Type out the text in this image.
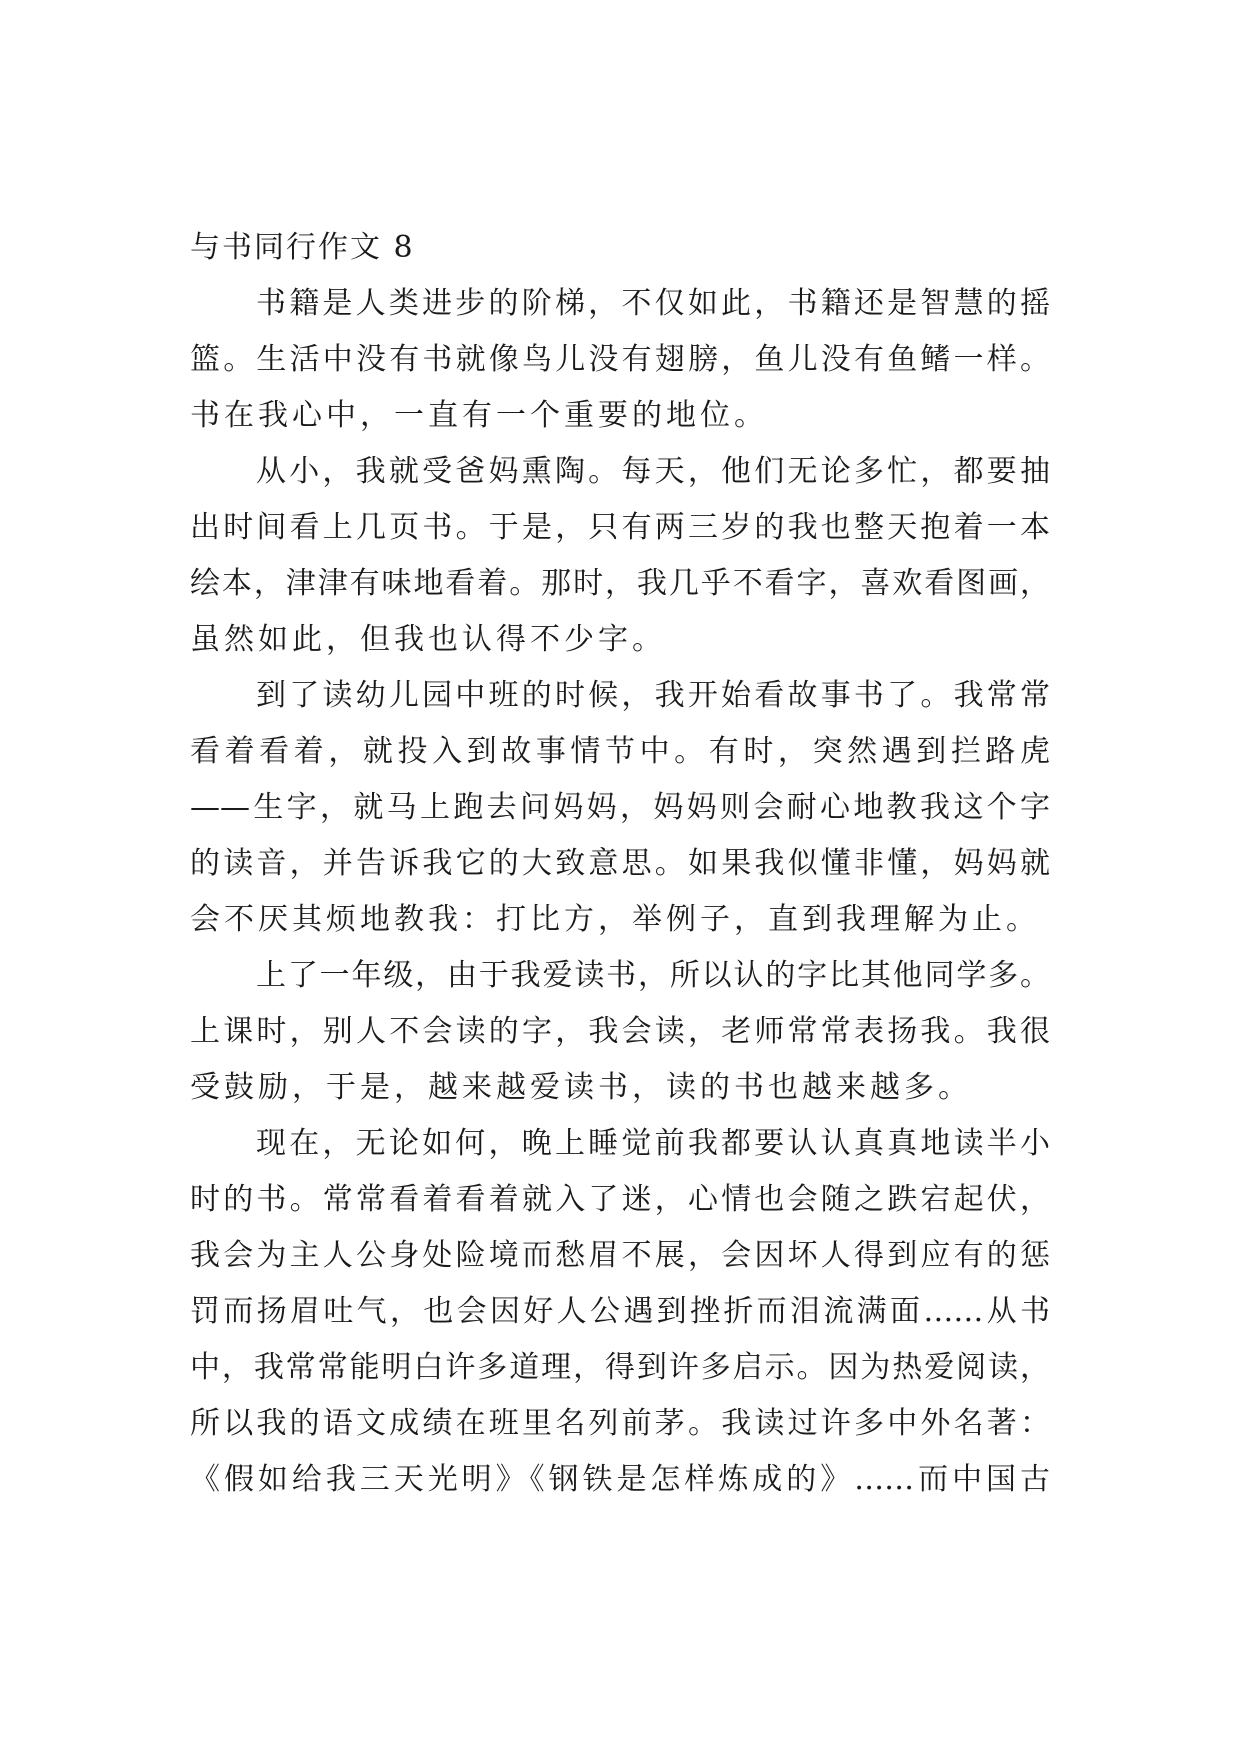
与书同行作文 8
书籍是人类进步的阶梯，不仅如此，书籍还是智慧的摇
篮。生活中没有书就像鸟儿没有翅膀，鱼儿没有鱼鳍一样。
书在我心中，一直有一个重要的地位。
从小，我就受爸妈熏陶。每天，他们无论多忙，都要抽
出时间看上几页书。于是，只有两三岁的我也整天抱着一本
绘本，津津有味地看着。那时，我几乎不看字，喜欢看图画，
虽然如此，但我也认得不少字。
到了读幼儿园中班的时候，我开始看故事书了。我常常
看着看着，就投入到故事情节中。有时，突然遇到拦路虎
——生字，就马上跑去问妈妈，妈妈则会耐心地教我这个字
的读音，并告诉我它的大致意思。如果我似懂非懂，妈妈就
会不厌其烦地教我：打比方，举例子，直到我理解为止。
上了一年级，由于我爱读书，所以认的字比其他同学多。
上课时，别人不会读的字，我会读，老师常常表扬我。我很
受鼓励，于是，越来越爱读书，读的书也越来越多。
现在，无论如何，晚上睡觉前我都要认认真真地读半小
时的书。常常看着看着就入了迷，心情也会随之跌宕起伏，
我会为主人公身处险境而愁眉不展，会因坏人得到应有的惩
罚而扬眉吐气，也会因好人公遇到挫折而泪流满面……从书
中，我常常能明白许多道理，得到许多启示。因为热爱阅读，
所以我的语文成绩在班里名列前茅。我读过许多中外名著：
《假如给我三天光明》《钢铁是怎样炼成的》……而中国古
